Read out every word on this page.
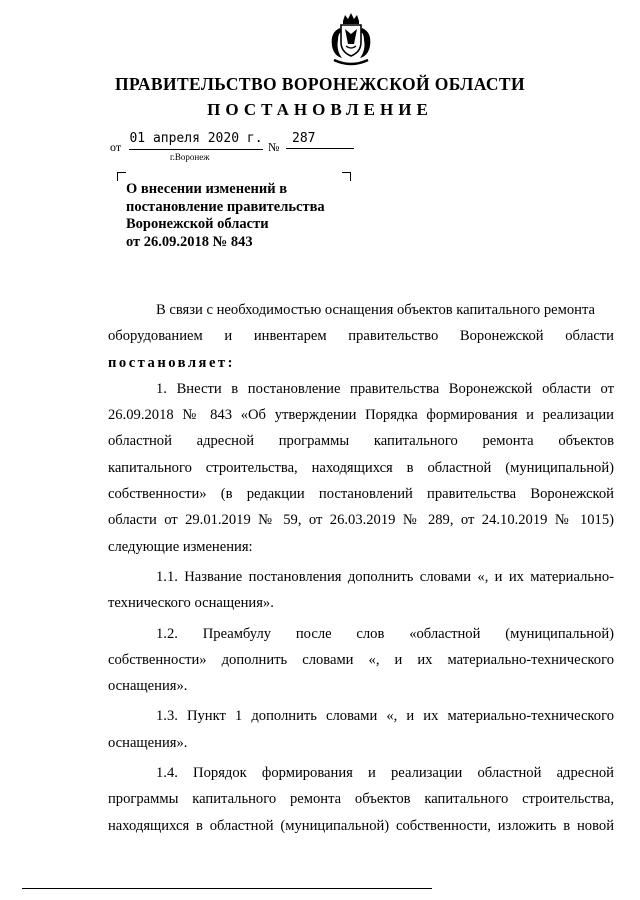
ПРАВИТЕЛЬСТВО ВОРОНЕЖСКОЙ ОБЛАСТИ
ПОСТАНОВЛЕНИЕ
от
01 апреля 2020 г.
№
287
г.Воронеж
О внесении изменений в
постановление правительства
Воронежской области
от 26.09.2018 № 843
В связи с необходимостью оснащения объектов капитального ремонта
оборудованием и инвентарем правительство Воронежской области
постановляет:
1. Внести в постановление правительства Воронежской области от
26.09.2018 № 843 «Об утверждении Порядка формирования и реализации
областной адресной программы капитального ремонта объектов
капитального строительства, находящихся в областной (муниципальной)
собственности» (в редакции постановлений правительства Воронежской
области от 29.01.2019 № 59, от 26.03.2019 № 289, от 24.10.2019 № 1015)
следующие изменения:
1.1. Название постановления дополнить словами «, и их материально-
технического оснащения».
1.2. Преамбулу после слов «областной (муниципальной)
собственности» дополнить словами «, и их материально-технического
оснащения».
1.3. Пункт 1 дополнить словами «, и их материально-технического
оснащения».
1.4. Порядок формирования и реализации областной адресной
программы капитального ремонта объектов капитального строительства,
находящихся в областной (муниципальной) собственности, изложить в новой
